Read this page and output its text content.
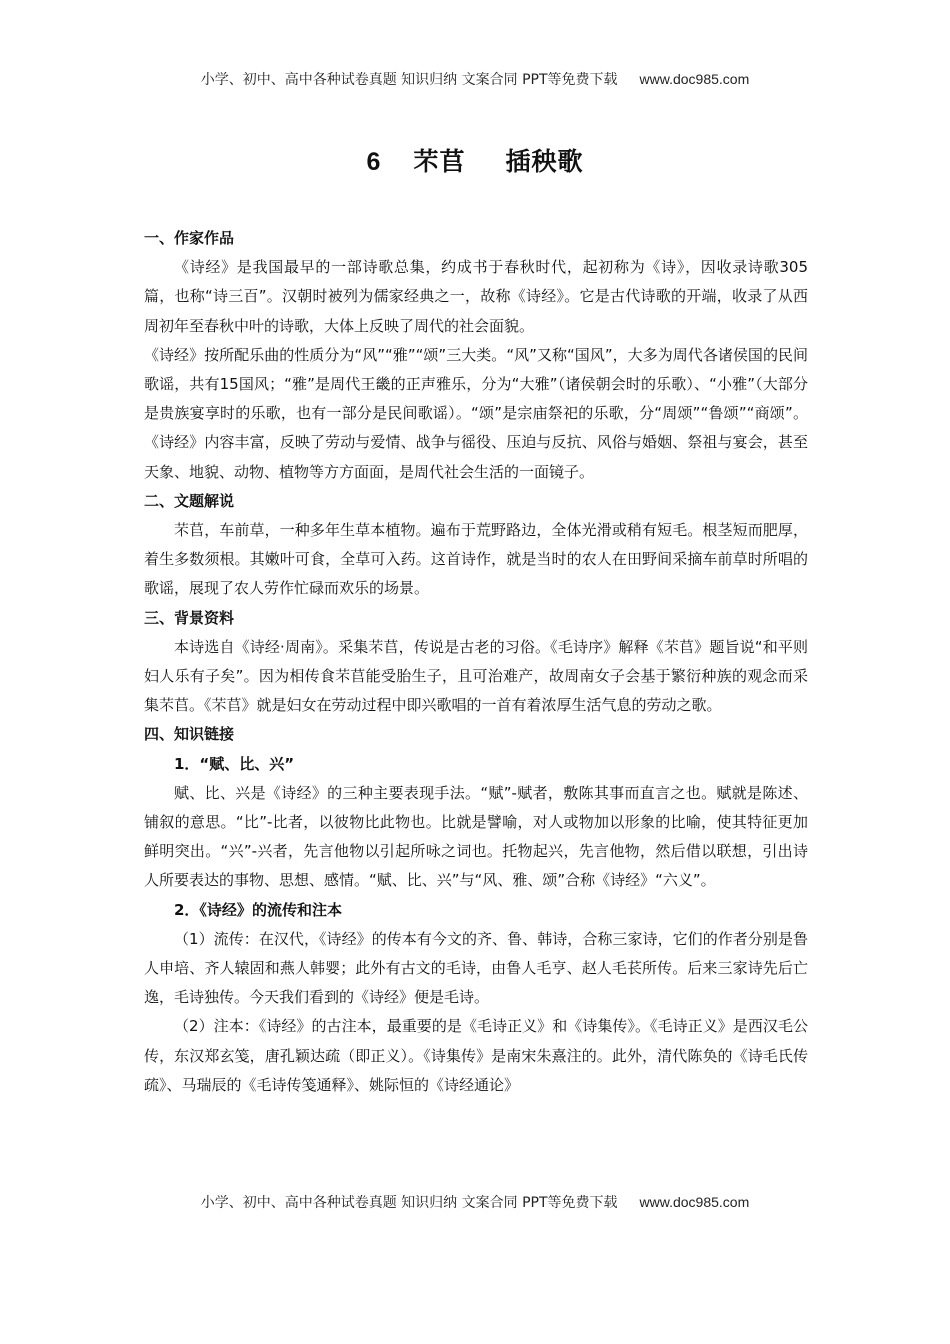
小学、初中、高中各种试卷真题 知识归纳 文案合同 PPT等免费下载 www.doc985.com
6 芣苢 插秧歌

一、作家作品

《诗经》是我国最早的一部诗歌总集，约成书于春秋时代，起初称为《诗》，因收录诗歌305篇，也称“诗三百”。汉朝时被列为儒家经典之一，故称《诗经》。它是古代诗歌的开端，收录了从西周初年至春秋中叶的诗歌，大体上反映了周代的社会面貌。

《诗经》按所配乐曲的性质分为“风”“雅”“颂”三大类。“风”又称“国风”，大多为周代各诸侯国的民间歌谣，共有15国风；“雅”是周代王畿的正声雅乐，分为“大雅”（诸侯朝会时的乐歌）、“小雅”（大部分是贵族宴享时的乐歌，也有一部分是民间歌谣）。“颂”是宗庙祭祀的乐歌，分“周颂”“鲁颂”“商颂”。《诗经》内容丰富，反映了劳动与爱情、战争与徭役、压迫与反抗、风俗与婚姻、祭祖与宴会，甚至天象、地貌、动物、植物等方方面面，是周代社会生活的一面镜子。

二、文题解说

芣苢，车前草，一种多年生草本植物。遍布于荒野路边，全体光滑或稍有短毛。根茎短而肥厚，着生多数须根。其嫩叶可食，全草可入药。这首诗作，就是当时的农人在田野间采摘车前草时所唱的歌谣，展现了农人劳作忙碌而欢乐的场景。

三、背景资料

本诗选自《诗经·周南》。采集芣苢，传说是古老的习俗。《毛诗序》解释《芣苢》题旨说“和平则妇人乐有子矣”。因为相传食芣苢能受胎生子，且可治难产，故周南女子会基于繁衍种族的观念而采集芣苢。《芣苢》就是妇女在劳动过程中即兴歌唱的一首有着浓厚生活气息的劳动之歌。

四、知识链接

1．“赋、比、兴”

赋、比、兴是《诗经》的三种主要表现手法。“赋”-赋者，敷陈其事而直言之也。赋就是陈述、铺叙的意思。“比”-比者，以彼物比此物也。比就是譬喻，对人或物加以形象的比喻，使其特征更加鲜明突出。“兴”-兴者，先言他物以引起所咏之词也。托物起兴，先言他物，然后借以联想，引出诗人所要表达的事物、思想、感情。“赋、比、兴”与“风、雅、颂”合称《诗经》“六义”。

2．《诗经》的流传和注本

（1）流传：在汉代，《诗经》的传本有今文的齐、鲁、韩诗，合称三家诗，它们的作者分别是鲁人申培、齐人辕固和燕人韩婴；此外有古文的毛诗，由鲁人毛亨、赵人毛苌所传。后来三家诗先后亡逸，毛诗独传。今天我们看到的《诗经》便是毛诗。

（2）注本：《诗经》的古注本，最重要的是《毛诗正义》和《诗集传》。《毛诗正义》是西汉毛公传，东汉郑玄笺，唐孔颖达疏（即正义）。《诗集传》是南宋朱熹注的。此外，清代陈奂的《诗毛氏传疏》、马瑞辰的《毛诗传笺通释》、姚际恒的《诗经通论》

小学、初中、高中各种试卷真题 知识归纳 文案合同 PPT等免费下载 www.doc985.com
